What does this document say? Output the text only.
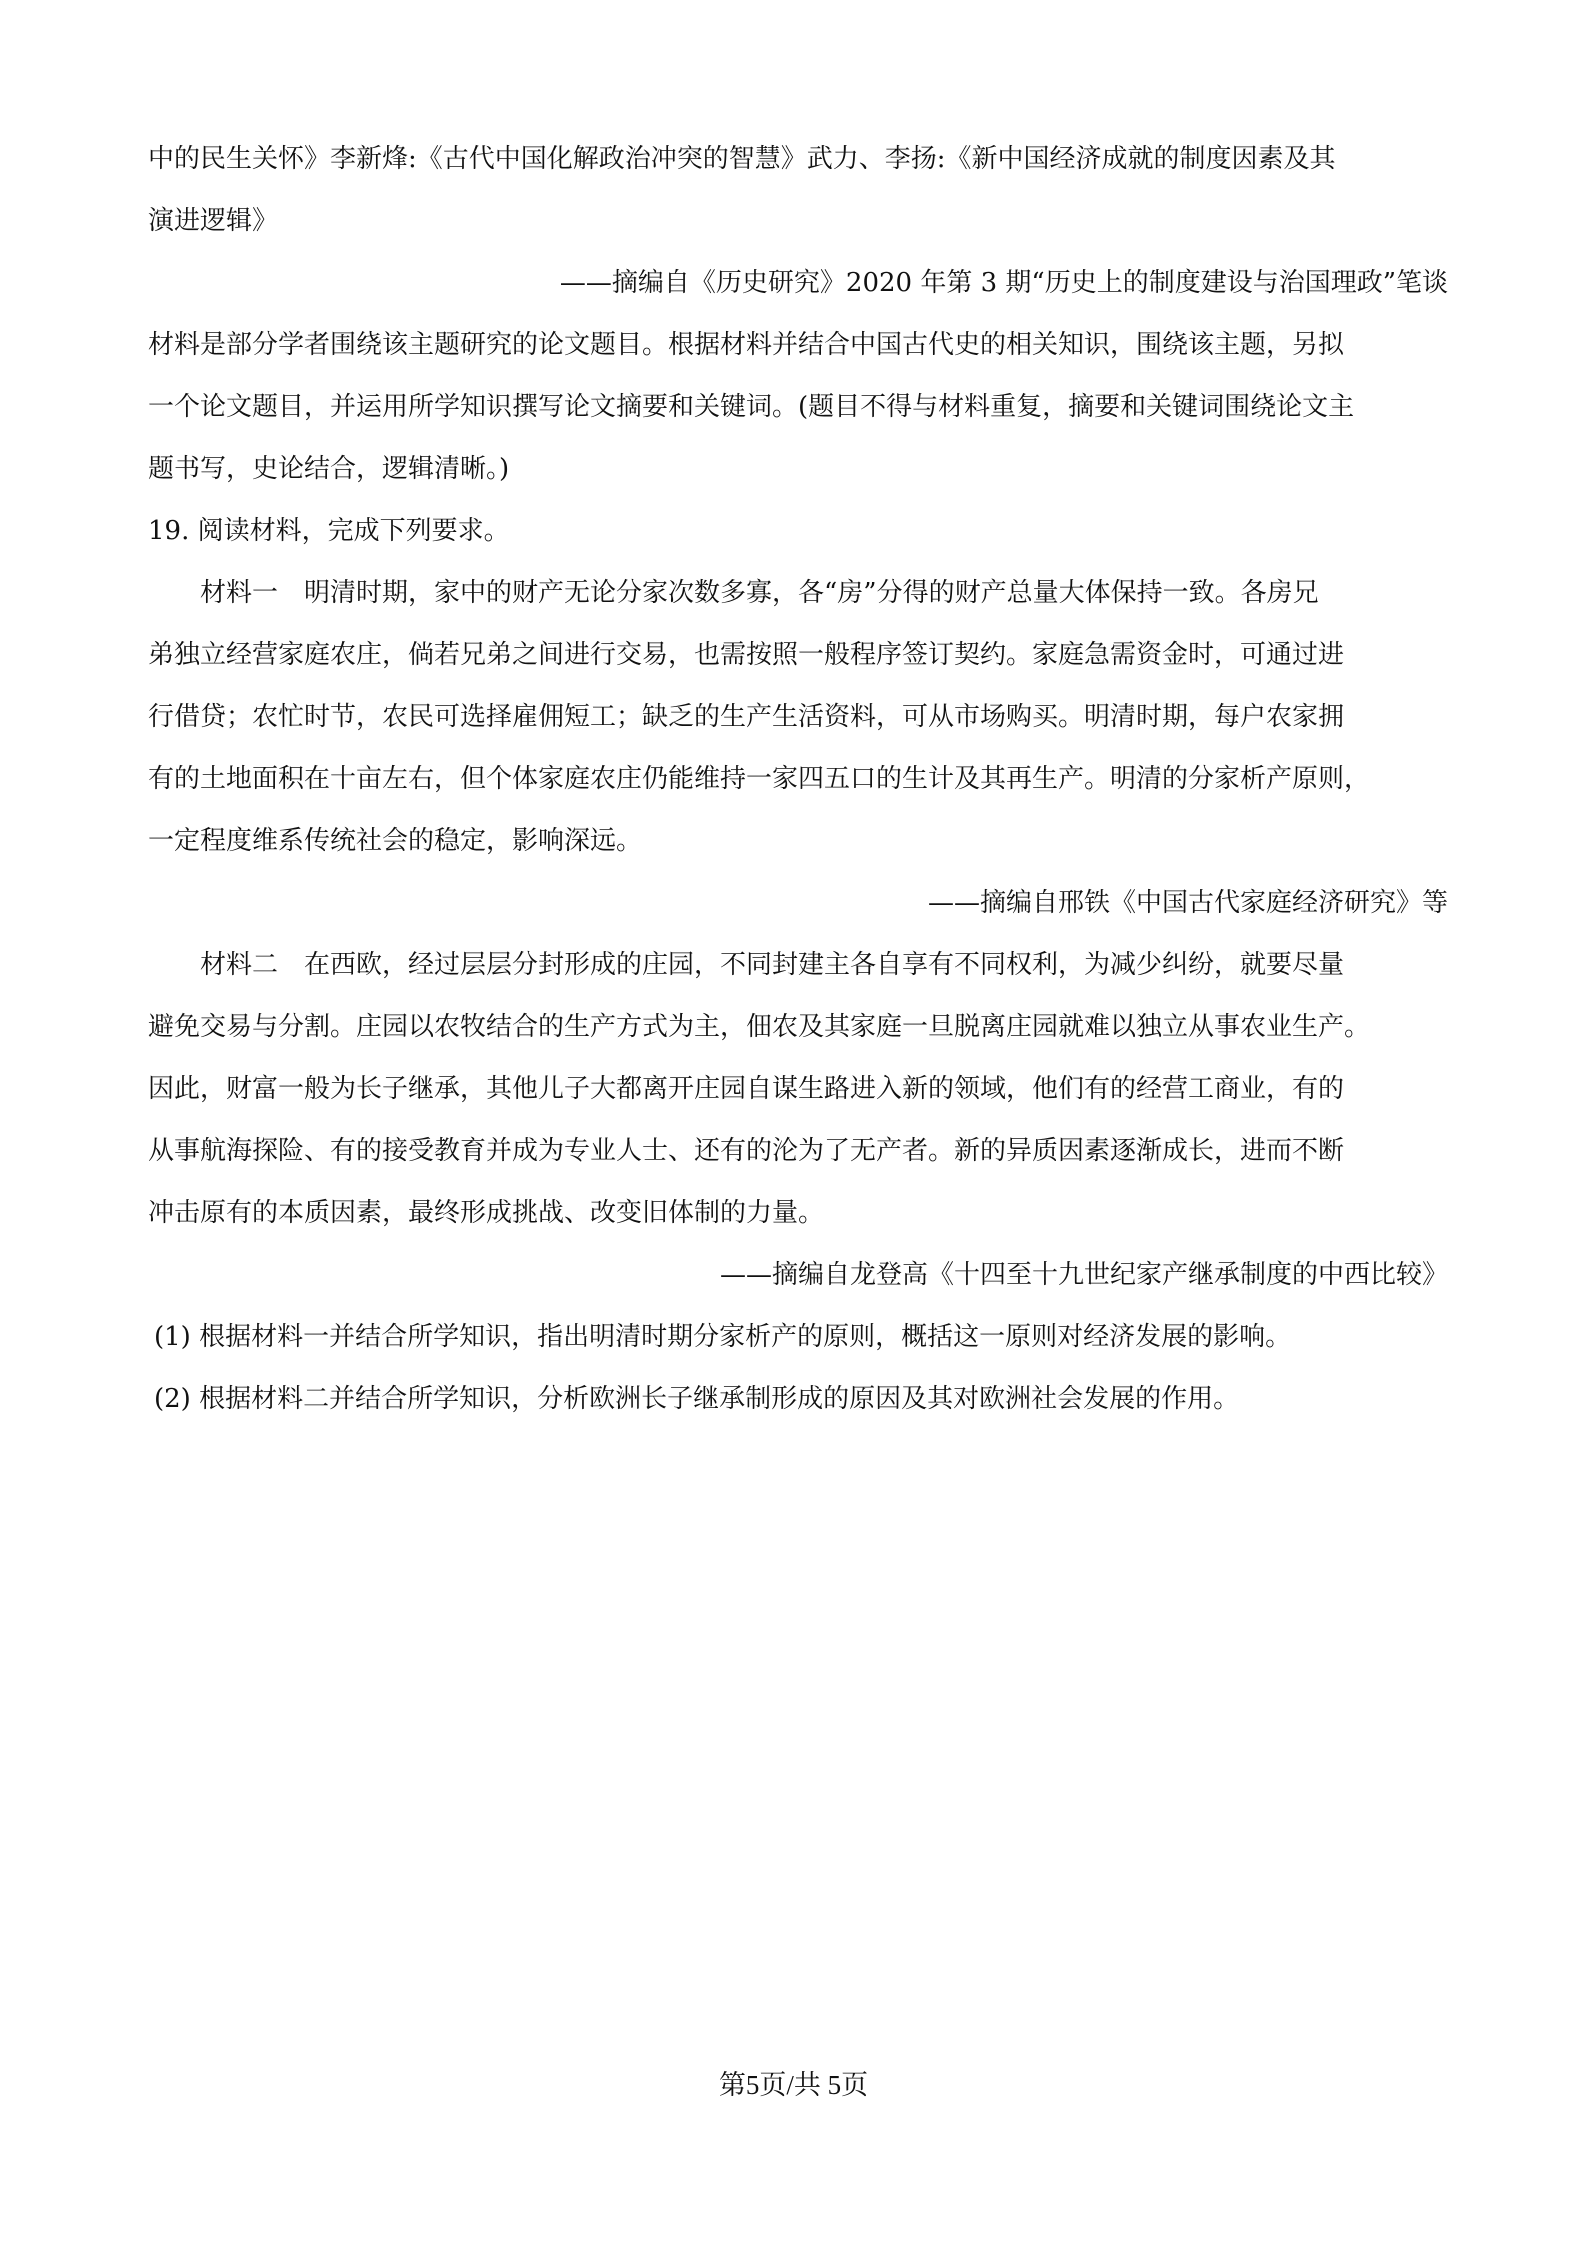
中的民生关怀》李新烽:《古代中国化解政治冲突的智慧》武力、李扬:《新中国经济成就的制度因素及其
演进逻辑》
——摘编自《历史研究》2020 年第 3 期“历史上的制度建设与治国理政”笔谈
材料是部分学者围绕该主题研究的论文题目。根据材料并结合中国古代史的相关知识，围绕该主题，另拟
一个论文题目，并运用所学知识撰写论文摘要和关键词。(题目不得与材料重复，摘要和关键词围绕论文主
题书写，史论结合，逻辑清晰。)
19. 阅读材料，完成下列要求。
材料一　明清时期，家中的财产无论分家次数多寡，各“房”分得的财产总量大体保持一致。各房兄
弟独立经营家庭农庄，倘若兄弟之间进行交易，也需按照一般程序签订契约。家庭急需资金时，可通过进
行借贷；农忙时节，农民可选择雇佣短工；缺乏的生产生活资料，可从市场购买。明清时期，每户农家拥
有的土地面积在十亩左右，但个体家庭农庄仍能维持一家四五口的生计及其再生产。明清的分家析产原则，
一定程度维系传统社会的稳定，影响深远。
——摘编自邢铁《中国古代家庭经济研究》等
材料二　在西欧，经过层层分封形成的庄园，不同封建主各自享有不同权利，为减少纠纷，就要尽量
避免交易与分割。庄园以农牧结合的生产方式为主，佃农及其家庭一旦脱离庄园就难以独立从事农业生产。
因此，财富一般为长子继承，其他儿子大都离开庄园自谋生路进入新的领域，他们有的经营工商业，有的
从事航海探险、有的接受教育并成为专业人士、还有的沦为了无产者。新的异质因素逐渐成长，进而不断
冲击原有的本质因素，最终形成挑战、改变旧体制的力量。
——摘编自龙登高《十四至十九世纪家产继承制度的中西比较》
(1) 根据材料一并结合所学知识，指出明清时期分家析产的原则，概括这一原则对经济发展的影响。
(2) 根据材料二并结合所学知识，分析欧洲长子继承制形成的原因及其对欧洲社会发展的作用。
第5页/共 5页
